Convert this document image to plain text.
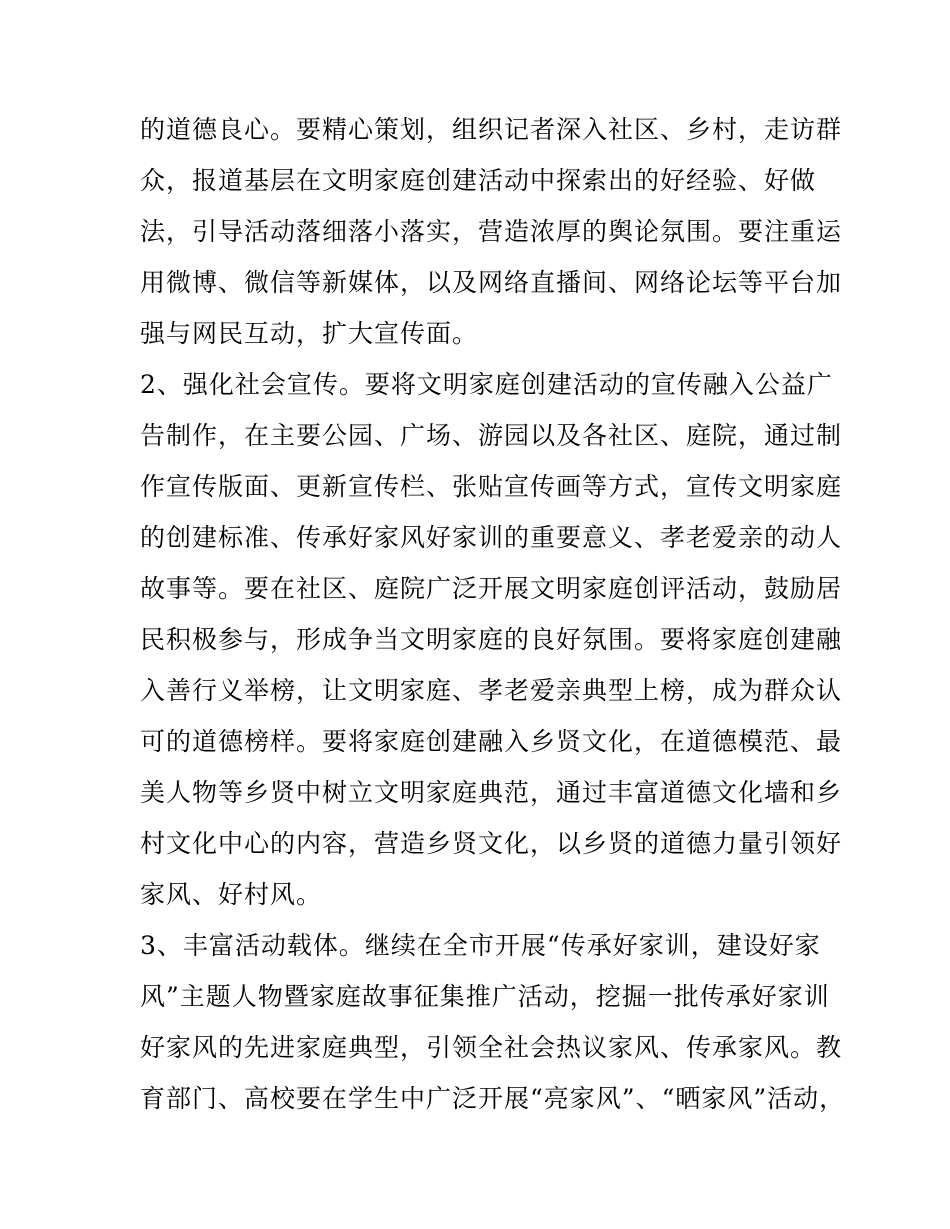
的道德良心。要精心策划，组织记者深入社区、乡村，走访群
众，报道基层在文明家庭创建活动中探索出的好经验、好做
法，引导活动落细落小落实，营造浓厚的舆论氛围。要注重运
用微博、微信等新媒体，以及网络直播间、网络论坛等平台加
强与网民互动，扩大宣传面。
2、强化社会宣传。要将文明家庭创建活动的宣传融入公益广
告制作，在主要公园、广场、游园以及各社区、庭院，通过制
作宣传版面、更新宣传栏、张贴宣传画等方式，宣传文明家庭
的创建标准、传承好家风好家训的重要意义、孝老爱亲的动人
故事等。要在社区、庭院广泛开展文明家庭创评活动，鼓励居
民积极参与，形成争当文明家庭的良好氛围。要将家庭创建融
入善行义举榜，让文明家庭、孝老爱亲典型上榜，成为群众认
可的道德榜样。要将家庭创建融入乡贤文化，在道德模范、最
美人物等乡贤中树立文明家庭典范，通过丰富道德文化墙和乡
村文化中心的内容，营造乡贤文化，以乡贤的道德力量引领好
家风、好村风。
3、丰富活动载体。继续在全市开展“传承好家训，建设好家
风”主题人物暨家庭故事征集推广活动，挖掘一批传承好家训
好家风的先进家庭典型，引领全社会热议家风、传承家风。教
育部门、高校要在学生中广泛开展“亮家风”、“晒家风”活动，
